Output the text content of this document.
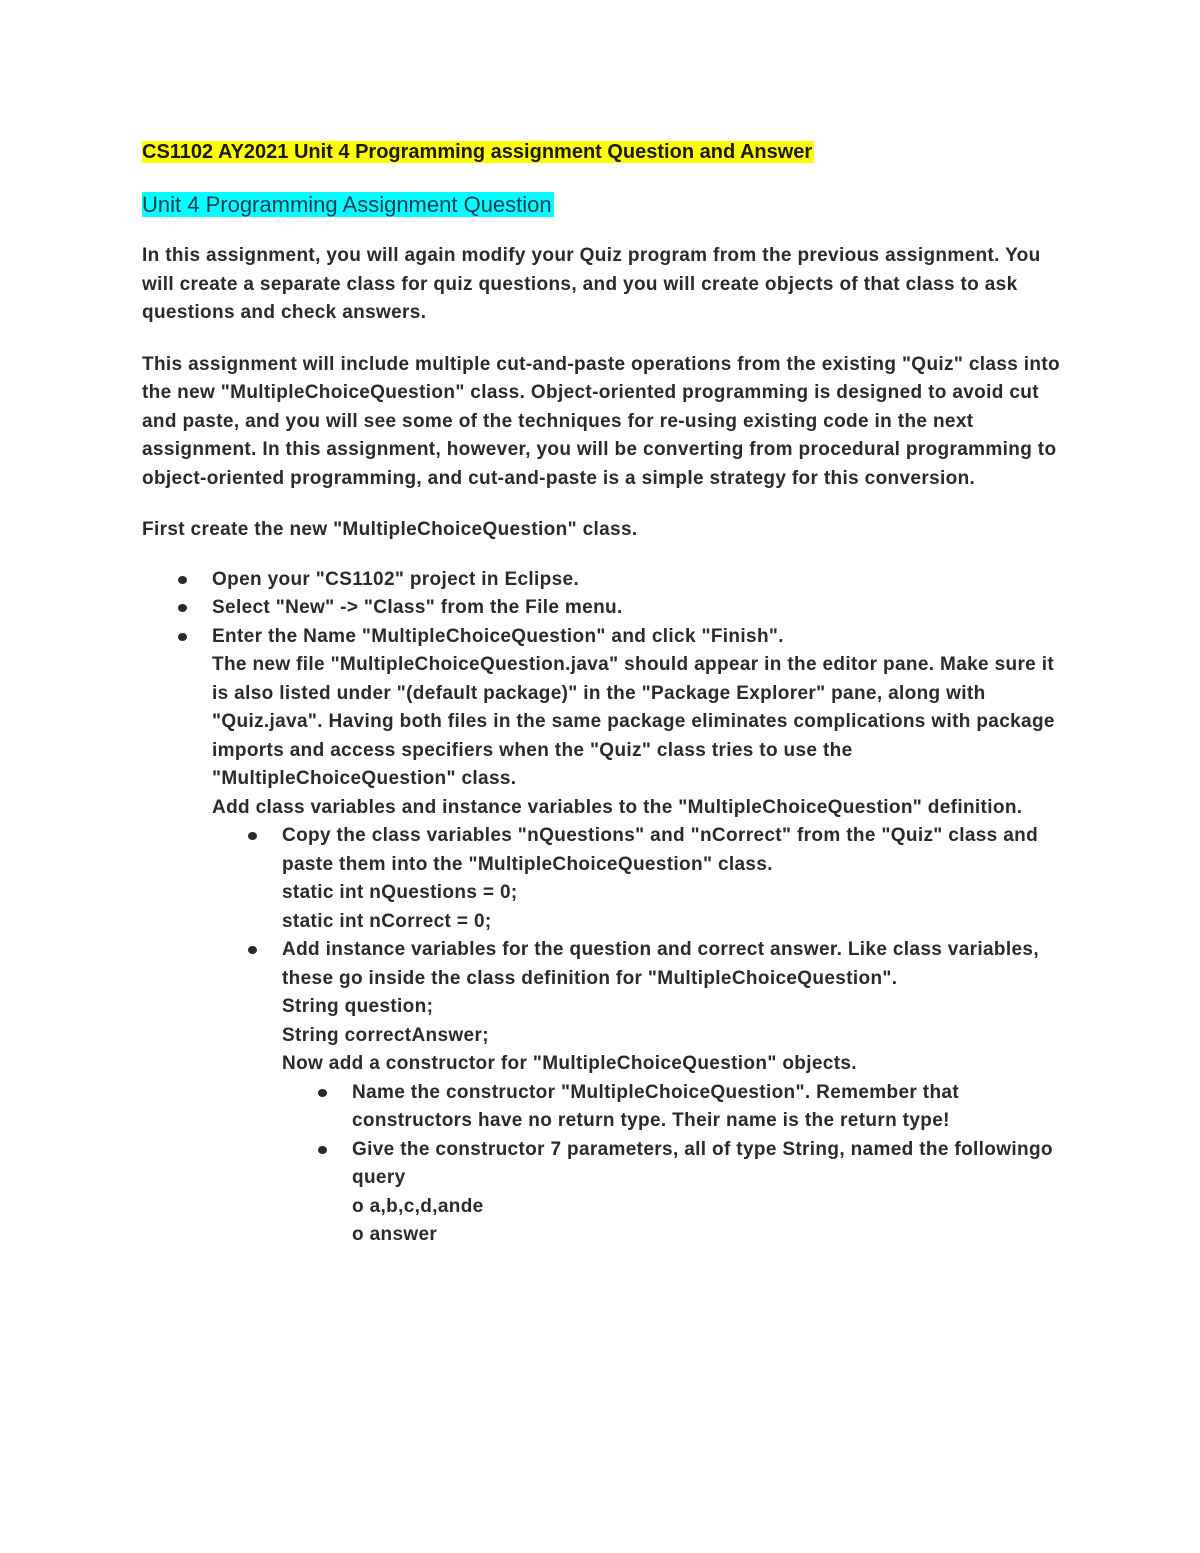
CS1102 AY2021 Unit 4 Programming assignment Question and Answer
Unit 4 Programming Assignment Question

In this assignment, you will again modify your Quiz program from the previous assignment. You will create a separate class for quiz questions, and you will create objects of that class to ask questions and check answers.

This assignment will include multiple cut-and-paste operations from the existing "Quiz" class into the new "MultipleChoiceQuestion" class. Object-oriented programming is designed to avoid cut and paste, and you will see some of the techniques for re-using existing code in the next assignment. In this assignment, however, you will be converting from procedural programming to object-oriented programming, and cut-and-paste is a simple strategy for this conversion.

First create the new "MultipleChoiceQuestion" class.

Open your "CS1102" project in Eclipse.
Select "New" -> "Class" from the File menu.
Enter the Name "MultipleChoiceQuestion" and click "Finish".
The new file "MultipleChoiceQuestion.java" should appear in the editor pane. Make sure it is also listed under "(default package)" in the "Package Explorer" pane, along with "Quiz.java". Having both files in the same package eliminates complications with package imports and access specifiers when the "Quiz" class tries to use the "MultipleChoiceQuestion" class.
Add class variables and instance variables to the "MultipleChoiceQuestion" definition.
Copy the class variables "nQuestions" and "nCorrect" from the "Quiz" class and paste them into the "MultipleChoiceQuestion" class.
static int nQuestions = 0;
static int nCorrect = 0;
Add instance variables for the question and correct answer. Like class variables, these go inside the class definition for "MultipleChoiceQuestion".
String question;
String correctAnswer;
Now add a constructor for "MultipleChoiceQuestion" objects.
Name the constructor "MultipleChoiceQuestion". Remember that constructors have no return type. Their name is the return type!
Give the constructor 7 parameters, all of type String, named the followingo query
o a,b,c,d,ande
o answer
